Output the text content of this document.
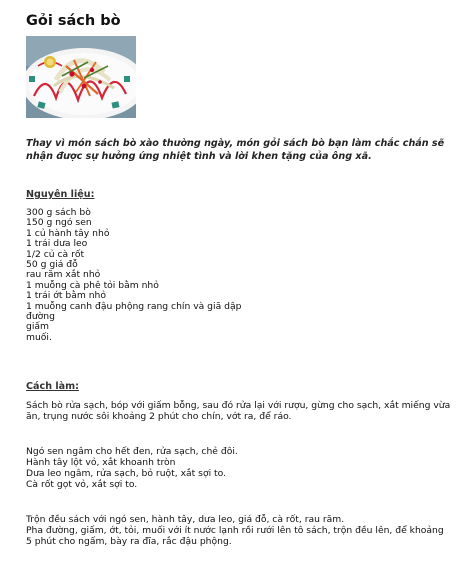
Gỏi sách bò
Thay vì món sách bò xào thường ngày, món gỏi sách bò bạn làm chắc chắn sẽ nhận được sự hưởng ứng nhiệt tình và lời khen tặng của ông xã.
Nguyên liệu:
300 g sách bò
150 g ngó sen
1 củ hành tây nhỏ
1 trái dưa leo
1/2 củ cà rốt
50 g giá đỗ
rau răm xắt nhỏ
1 muỗng cà phê tỏi bằm nhỏ
1 trái ớt bằm nhỏ
1 muỗng canh đậu phộng rang chín và giã dập
đường
giấm
muối.
Cách làm:
Sách bò rửa sạch, bóp với giấm bỗng, sau đó rửa lại với rượu, gừng cho sạch, xắt miếng vừa ăn, trụng nước sôi khoảng 2 phút cho chín, vớt ra, để ráo.
Ngó sen ngâm cho hết đen, rửa sạch, chẻ đôi.
Hành tây lột vỏ, xắt khoanh tròn
Dưa leo ngâm, rửa sạch, bỏ ruột, xắt sợi to.
Cà rốt gọt vỏ, xắt sợi to.
Trộn đều sách với ngó sen, hành tây, dưa leo, giá đỗ, cà rốt, rau răm.
Pha đường, giấm, ớt, tỏi, muối với ít nước lạnh rồi rưới lên tô sách, trộn đều lên, để khoảng 5 phút cho ngấm, bày ra đĩa, rắc đậu phộng.
